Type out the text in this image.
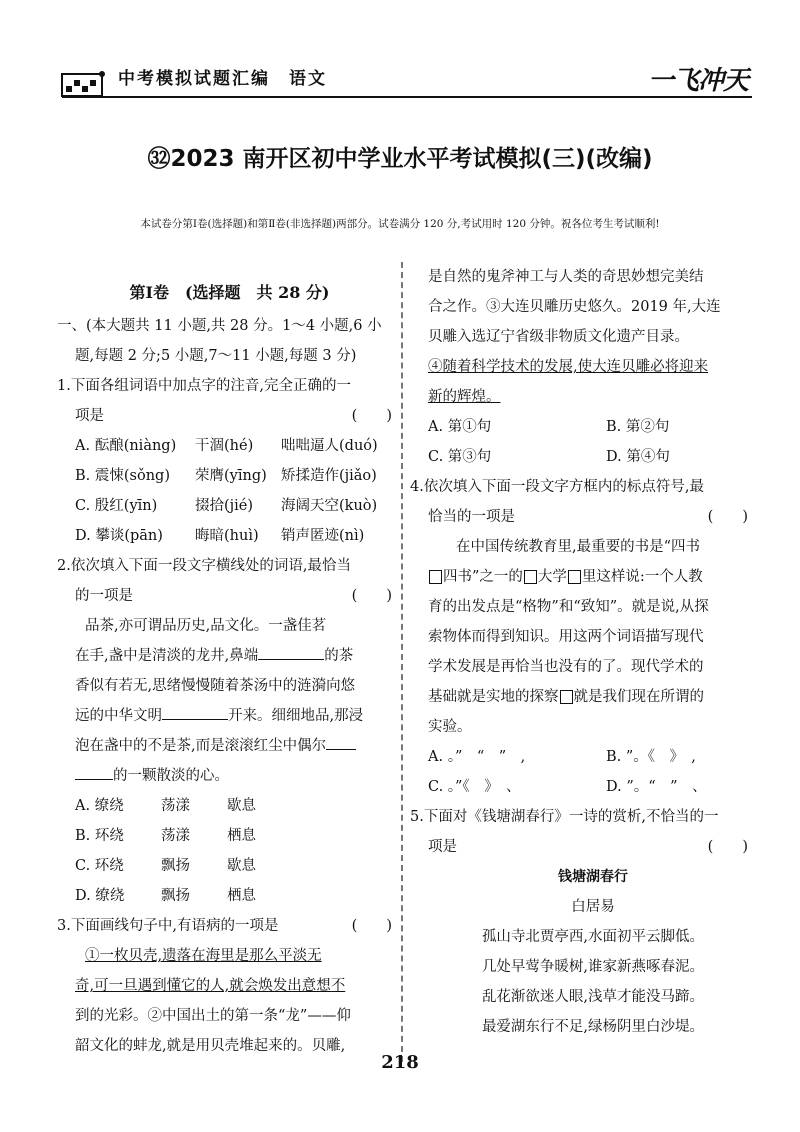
中考模拟试题汇编　语文	一飞冲天
㉜2023 南开区初中学业水平考试模拟(三)(改编)
本试卷分第Ⅰ卷(选择题)和第Ⅱ卷(非选择题)两部分。试卷满分 120 分,考试用时 120 分钟。祝各位考生考试顺利!
第Ⅰ卷　(选择题　共 28 分)
一、(本大题共 11 小题,共 28 分。1～4 小题,6 小
题,每题 2 分;5 小题,7～11 小题,每题 3 分)
1.下面各组词语中加点字的注音,完全正确的一
项是	(　　)
A. 酝酿(niàng) 干涸(hé) 咄咄逼人(duó)
B. 震悚(sǒng) 荣膺(yīng) 矫揉造作(jiǎo)
C. 殷红(yīn)	掇拾(jié) 海阔天空(kuò)
D. 攀谈(pān) 晦暗(huì) 销声匿迹(nì)
2.依次填入下面一段文字横线处的词语,最恰当
的一项是	(　　)
品茶,亦可谓品历史,品文化。一盏佳茗
在手,盏中是清淡的龙井,鼻端	的茶
香似有若无,思绪慢慢随着茶汤中的涟漪向悠
远的中华文明	开来。细细地品,那浸
泡在盏中的不是茶,而是滚滚红尘中偶尔
的一颗散淡的心。
A. 缭绕	荡漾	歇息
B. 环绕	荡漾	栖息
C. 环绕	飘扬	歇息
D. 缭绕	飘扬	栖息
3.下面画线句子中,有语病的一项是	(　　)
①一枚贝壳,遗落在海里是那么平淡无
奇,可一旦遇到懂它的人,就会焕发出意想不
到的光彩。②中国出土的第一条“龙”——仰
韶文化的蚌龙,就是用贝壳堆起来的。贝雕,
是自然的鬼斧神工与人类的奇思妙想完美结
合之作。③大连贝雕历史悠久。2019 年,大连
贝雕入选辽宁省级非物质文化遗产目录。
④随着科学技术的发展,使大连贝雕必将迎来
新的辉煌。
A. 第①句	B. 第②句
C. 第③句	D. 第④句
4.依次填入下面一段文字方框内的标点符号,最
恰当的一项是	(　　)
在中国传统教育里,最重要的书是“四书
四书”之一的 大学 里这样说:一个人教
育的出发点是“格物”和“致知”。就是说,从探
索物体而得到知识。用这两个词语描写现代
学术发展是再恰当也没有的了。现代学术的
基础就是实地的探察 就是我们现在所谓的
实验。
A. 。”　“　”　,	B. ”。《　》　,
C. 。”《　》　、	D. ”。“　”　、
5.下面对《钱塘湖春行》一诗的赏析,不恰当的一
项是	(　　)
钱塘湖春行
白居易
孤山寺北贾亭西,水面初平云脚低。
几处早莺争暖树,谁家新燕啄春泥。
乱花渐欲迷人眼,浅草才能没马蹄。
最爱湖东行不足,绿杨阴里白沙堤。
218
